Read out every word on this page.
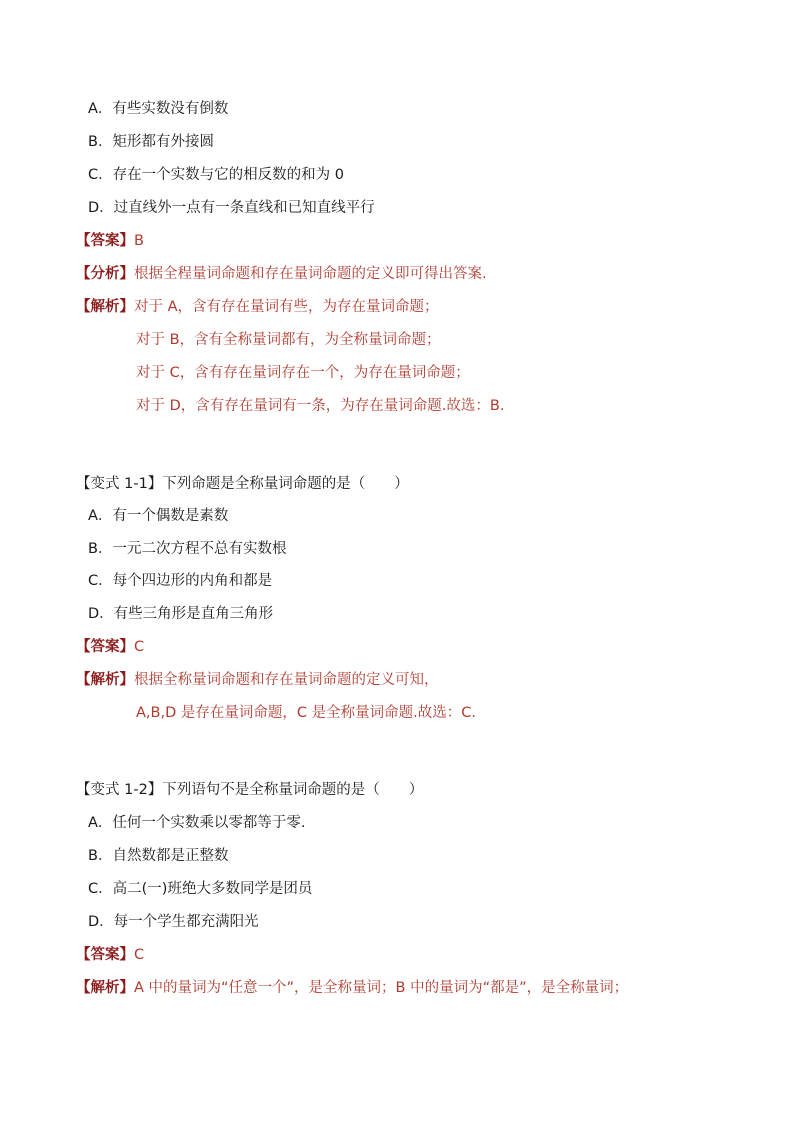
A．有些实数没有倒数
B．矩形都有外接圆
C．存在一个实数与它的相反数的和为 0
D．过直线外一点有一条直线和已知直线平行
【答案】B
【分析】根据全程量词命题和存在量词命题的定义即可得出答案.
【解析】对于 A，含有存在量词有些，为存在量词命题；
对于 B，含有全称量词都有，为全称量词命题；
对于 C，含有存在量词存在一个，为存在量词命题；
对于 D，含有存在量词有一条，为存在量词命题.故选：B.
【变式 1-1】下列命题是全称量词命题的是（　　）
A．有一个偶数是素数
B．一元二次方程不总有实数根
C．每个四边形的内角和都是
D．有些三角形是直角三角形
【答案】C
【解析】根据全称量词命题和存在量词命题的定义可知，
A,B,D 是存在量词命题，C 是全称量词命题.故选：C.
【变式 1-2】下列语句不是全称量词命题的是（　　）
A．任何一个实数乘以零都等于零.
B．自然数都是正整数
C．高二(一)班绝大多数同学是团员
D．每一个学生都充满阳光
【答案】C
【解析】A 中的量词为“任意一个”，是全称量词；B 中的量词为“都是”，是全称量词；
